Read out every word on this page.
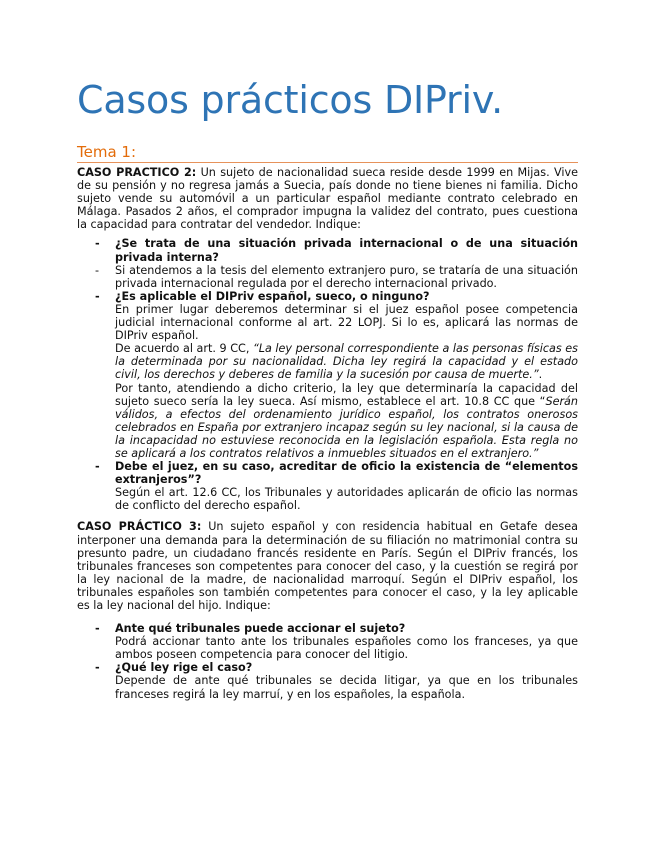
Casos prácticos DIPriv.
Tema 1:

CASO PRACTICO 2: Un sujeto de nacionalidad sueca reside desde 1999 en Mijas. Vive de su pensión y no regresa jamás a Suecia, país donde no tiene bienes ni familia. Dicho sujeto vende su automóvil a un particular español mediante contrato celebrado en Málaga. Pasados 2 años, el comprador impugna la validez del contrato, pues cuestiona la capacidad para contratar del vendedor. Indique:

- ¿Se trata de una situación privada internacional o de una situación privada interna?
- Si atendemos a la tesis del elemento extranjero puro, se trataría de una situación privada internacional regulada por el derecho internacional privado.
- ¿Es aplicable el DIPriv español, sueco, o ninguno?

En primer lugar deberemos determinar si el juez español posee competencia judicial internacional conforme al art. 22 LOPJ. Si lo es, aplicará las normas de DIPriv español.

De acuerdo al art. 9 CC, “La ley personal correspondiente a las personas físicas es la determinada por su nacionalidad. Dicha ley regirá la capacidad y el estado civil, los derechos y deberes de familia y la sucesión por causa de muerte.”.

Por tanto, atendiendo a dicho criterio, la ley que determinaría la capacidad del sujeto sueco sería la ley sueca. Así mismo, establece el art. 10.8 CC que “Serán válidos, a efectos del ordenamiento jurídico español, los contratos onerosos celebrados en España por extranjero incapaz según su ley nacional, si la causa de la incapacidad no estuviese reconocida en la legislación española. Esta regla no se aplicará a los contratos relativos a inmuebles situados en el extranjero.”

- Debe el juez, en su caso, acreditar de oficio la existencia de “elementos extranjeros”?

Según el art. 12.6 CC, los Tribunales y autoridades aplicarán de oficio las normas de conflicto del derecho español.

CASO PRÁCTICO 3: Un sujeto español y con residencia habitual en Getafe desea interponer una demanda para la determinación de su filiación no matrimonial contra su presunto padre, un ciudadano francés residente en París. Según el DIPriv francés, los tribunales franceses son competentes para conocer del caso, y la cuestión se regirá por la ley nacional de la madre, de nacionalidad marroquí. Según el DIPriv español, los tribunales españoles son también competentes para conocer el caso, y la ley aplicable es la ley nacional del hijo. Indique:

- Ante qué tribunales puede accionar el sujeto?

Podrá accionar tanto ante los tribunales españoles como los franceses, ya que ambos poseen competencia para conocer del litigio.

- ¿Qué ley rige el caso?

Depende de ante qué tribunales se decida litigar, ya que en los tribunales franceses regirá la ley marruí, y en los españoles, la española.
